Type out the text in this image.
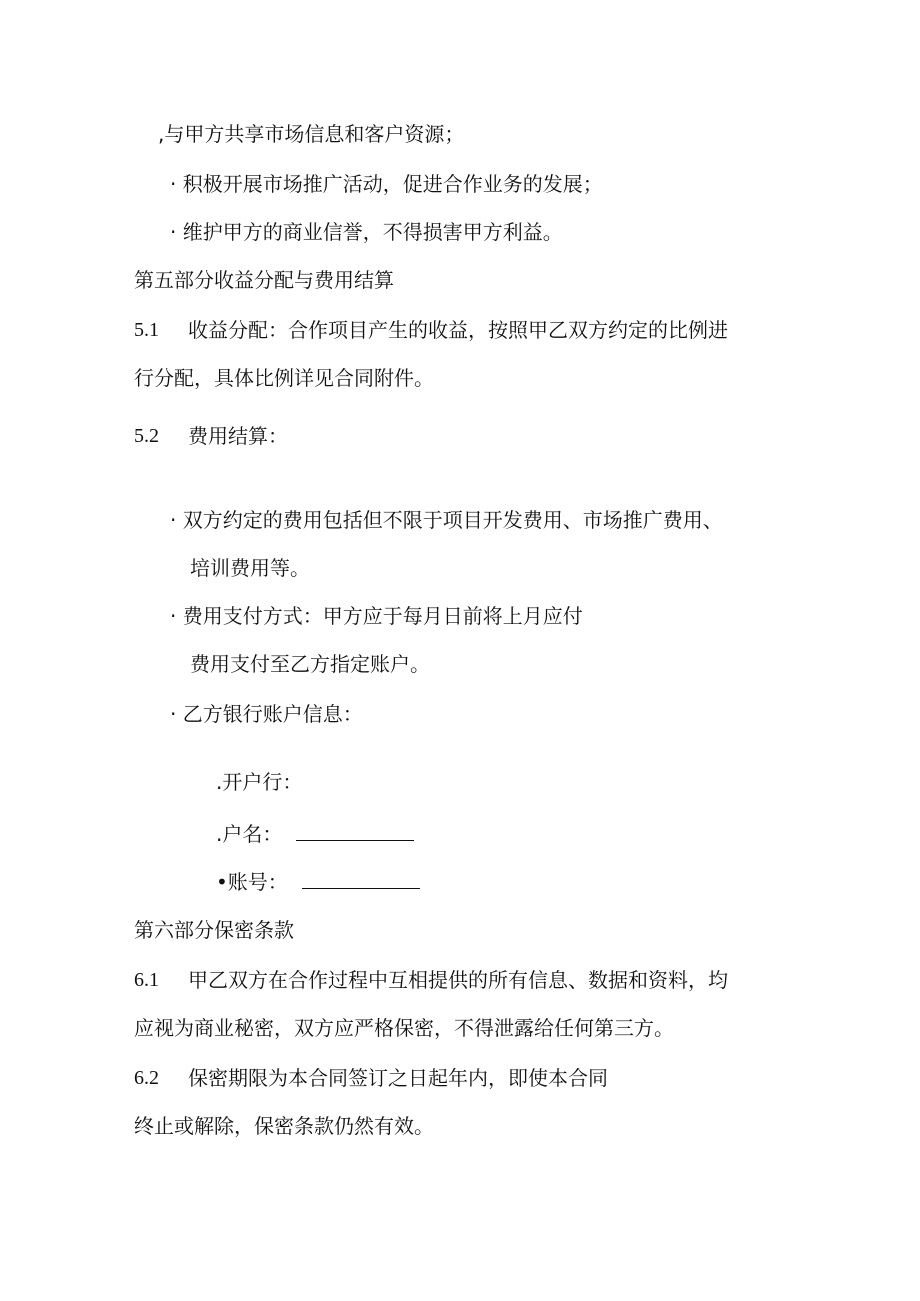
,与甲方共享市场信息和客户资源；
· 积极开展市场推广活动，促进合作业务的发展；
· 维护甲方的商业信誉，不得损害甲方利益。
第五部分收益分配与费用结算
5.1 收益分配：合作项目产生的收益，按照甲乙双方约定的比例进
行分配，具体比例详见合同附件。
5.2 费用结算：
· 双方约定的费用包括但不限于项目开发费用、市场推广费用、
培训费用等。
· 费用支付方式：甲方应于每月日前将上月应付
费用支付至乙方指定账户。
· 乙方银行账户信息：
.开户行：
.户名：
•账号：
第六部分保密条款
6.1 甲乙双方在合作过程中互相提供的所有信息、数据和资料，均
应视为商业秘密，双方应严格保密，不得泄露给任何第三方。
6.2 保密期限为本合同签订之日起年内，即使本合同
终止或解除，保密条款仍然有效。
